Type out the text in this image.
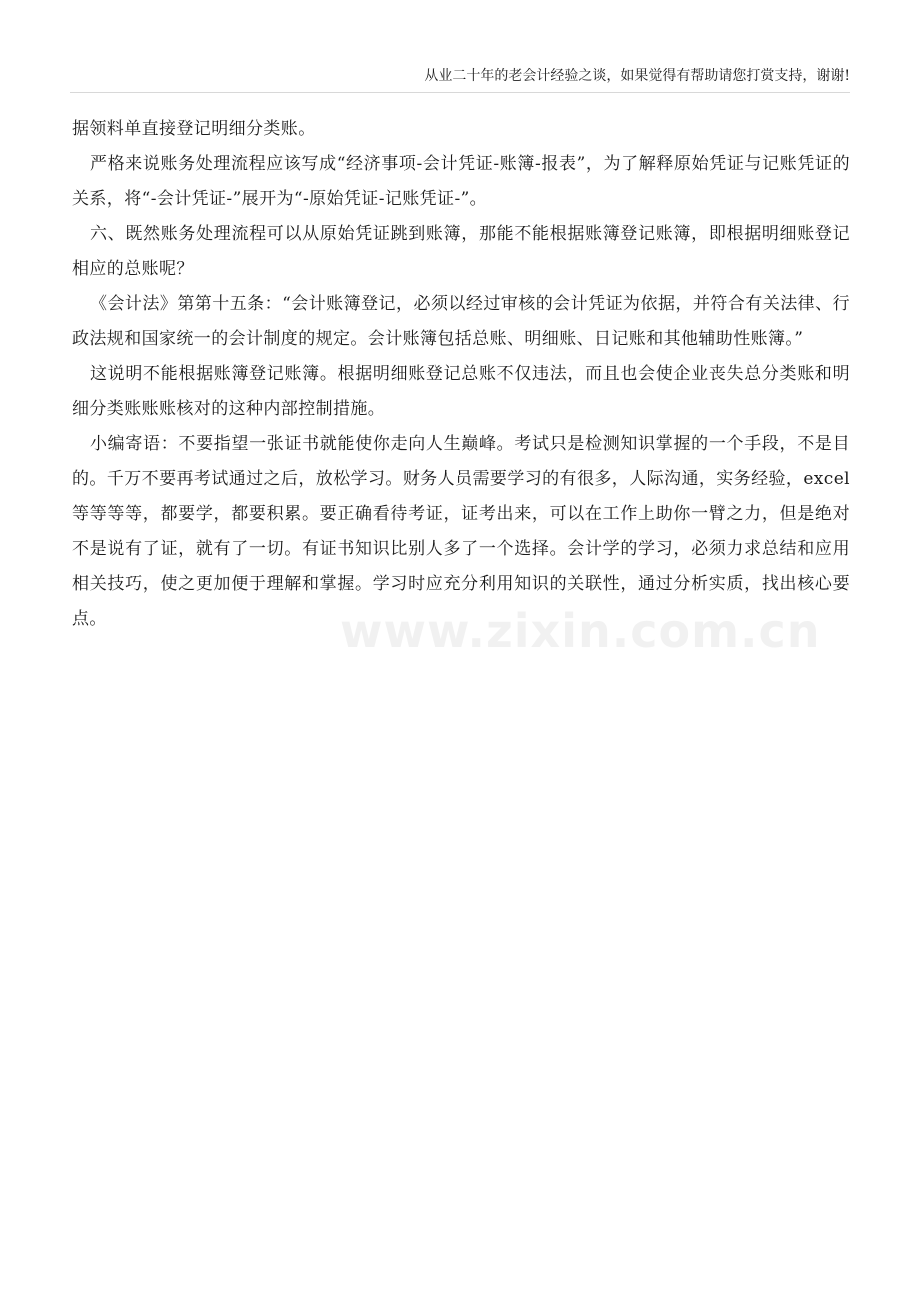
从业二十年的老会计经验之谈，如果觉得有帮助请您打赏支持，谢谢!

据领料单直接登记明细分类账。

严格来说账务处理流程应该写成“经济事项-会计凭证-账簿-报表”，为了解释原始凭证与记账凭证的关系，将“-会计凭证-”展开为“-原始凭证-记账凭证-”。

六、既然账务处理流程可以从原始凭证跳到账簿，那能不能根据账簿登记账簿，即根据明细账登记相应的总账呢？

《会计法》第第十五条：“会计账簿登记，必须以经过审核的会计凭证为依据，并符合有关法律、行政法规和国家统一的会计制度的规定。会计账簿包括总账、明细账、日记账和其他辅助性账簿。”

这说明不能根据账簿登记账簿。根据明细账登记总账不仅违法，而且也会使企业丧失总分类账和明细分类账账账核对的这种内部控制措施。

小编寄语：不要指望一张证书就能使你走向人生巅峰。考试只是检测知识掌握的一个手段，不是目的。千万不要再考试通过之后，放松学习。财务人员需要学习的有很多，人际沟通，实务经验，excel等等等等，都要学，都要积累。要正确看待考证，证考出来，可以在工作上助你一臂之力，但是绝对不是说有了证，就有了一切。有证书知识比别人多了一个选择。会计学的学习，必须力求总结和应用相关技巧，使之更加便于理解和掌握。学习时应充分利用知识的关联性，通过分析实质，找出核心要点。	www.zixin.com.cn
